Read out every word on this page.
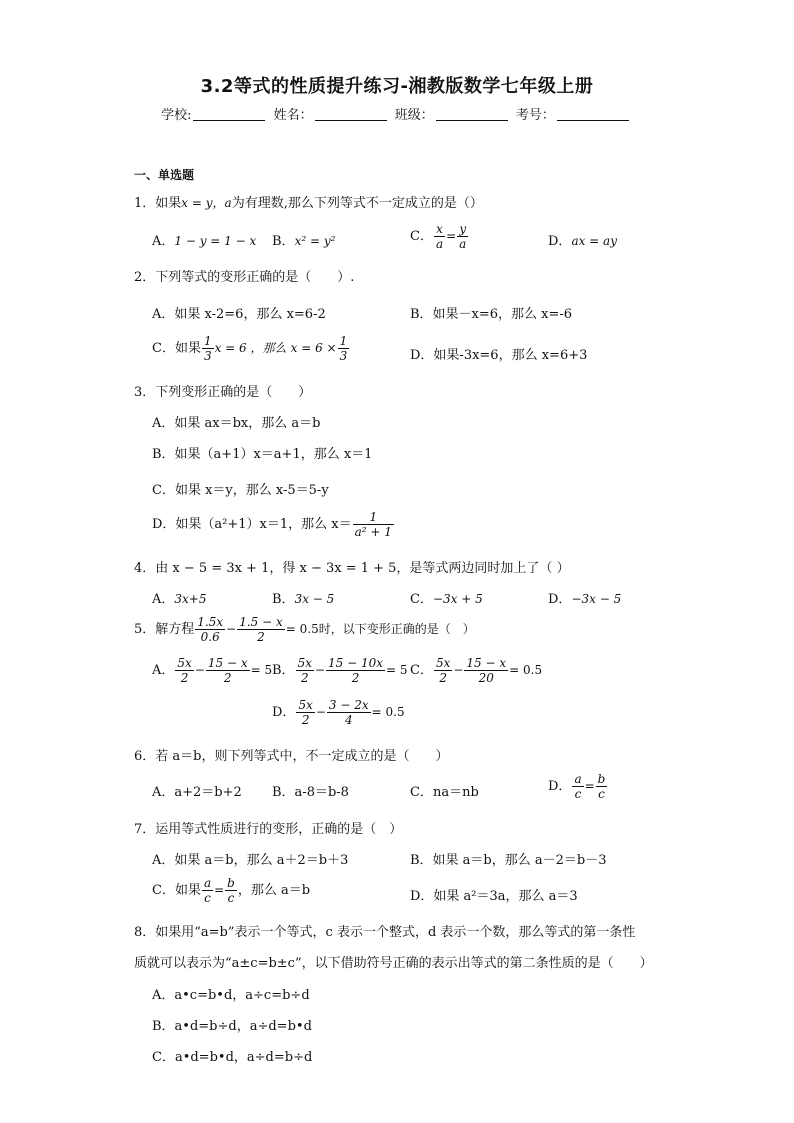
3.2等式的性质提升练习-湘教版数学七年级上册
学校:	姓名：	班级：	考号：
一、单选题
1．如果x = y，a为有理数,那么下列等式不一定成立的是（）
A．1 − y = 1 − x B．x² = y²	C． $\frac{x}{a} = \frac{y}{a}$	D．ax = ay
2．下列等式的变形正确的是（　　）.
A．如果 x-2=6，那么 x=6-2	B．如果－x=6，那么 x=-6
C．如果 $\frac{1}{3}$ x = 6 ，那么 $x = 6 \times \frac{1}{3}$	D．如果-3x=6，那么 x=6+3
3．下列变形正确的是（　　）
A．如果 ax＝bx，那么 a＝b
B．如果（a+1）x＝a+1，那么 x＝1
C．如果 x＝y，那么 x-5＝5-y
D．如果（a²+1）x＝1，那么 $x= \frac{1}{\text{a² + 1}}$
4．由 x − 5 = 3x + 1，得 x − 3x = 1 + 5，是等式两边同时加上了（ ）
A．3x+5	B．3x − 5	C．−3x + 5	D．−3x − 5
5．解方程 $\frac{1.5x}{0.6} - \frac{1.5 - x}{2} = 0.5$时，以下变形正确的是（　）
A． $\frac{5x}{2} - \frac{15 - x}{2} = 5$ B． $\frac{5x}{2} - \frac{15 - 10x}{2} = 5$ C． $\frac{5x}{2} - \frac{15 - x}{20} = 0.5$
D． $\frac{5x}{2} - \frac{3 - 2x}{4} = 0.5$
6．若 a＝b，则下列等式中，不一定成立的是（　　）
A．a+2＝b+2 B．a-8＝b-8	C．na＝nb	D． $\frac{a}{c} = \frac{b}{c}$
7．运用等式性质进行的变形，正确的是（　）
A．如果 a＝b，那么 a＋2＝b＋3	B．如果 a＝b，那么 a－2＝b－3
C．如果 $\frac{a}{c} = \frac{b}{c}$ ，那么 a＝b	D．如果 a²＝3a，那么 a＝3
8．如果用“a=b”表示一个等式，c 表示一个整式，d 表示一个数，那么等式的第一条性
质就可以表示为“a±c=b±c”，以下借助符号正确的表示出等式的第二条性质的是（　　）
A．a•c=b•d，a÷c=b÷d
B．a•d=b÷d，a÷d=b•d
C．a•d=b•d，a÷d=b÷d
